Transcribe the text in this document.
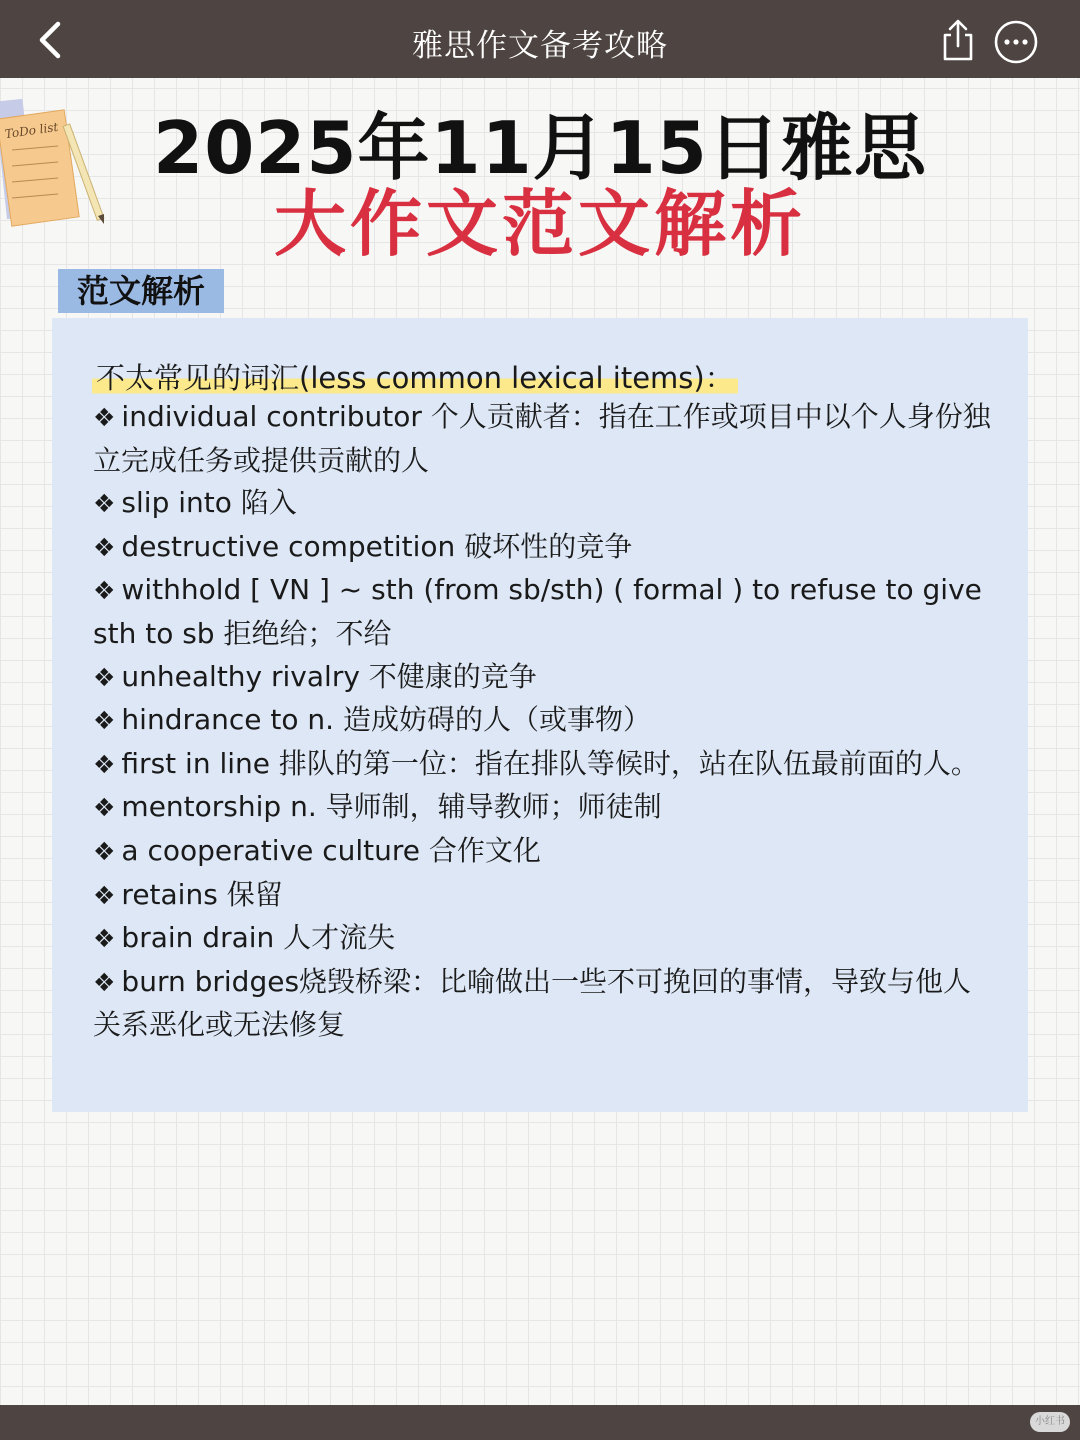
雅思作文备考攻略
ToDo list	2025年11月15日雅思
大作文范文解析
范文解析
不太常见的词汇(less common lexical items)：
❖ individual contributor 个人贡献者：指在工作或项目中以个人身份独立完成任务或提供贡献的人
❖ slip into 陷入
❖ destructive competition 破坏性的竞争
❖ withhold [ VN ] ~ sth (from sb/sth) ( formal ) to refuse to give sth to sb 拒绝给；不给
❖ unhealthy rivalry 不健康的竞争
❖ hindrance to n. 造成妨碍的人（或事物）
❖ first in line 排队的第一位：指在排队等候时，站在队伍最前面的人。
❖ mentorship n. 导师制，辅导教师；师徒制
❖ a cooperative culture 合作文化
❖ retains 保留
❖ brain drain 人才流失
❖ burn bridges烧毁桥梁：比喻做出一些不可挽回的事情，导致与他人关系恶化或无法修复
小红书
